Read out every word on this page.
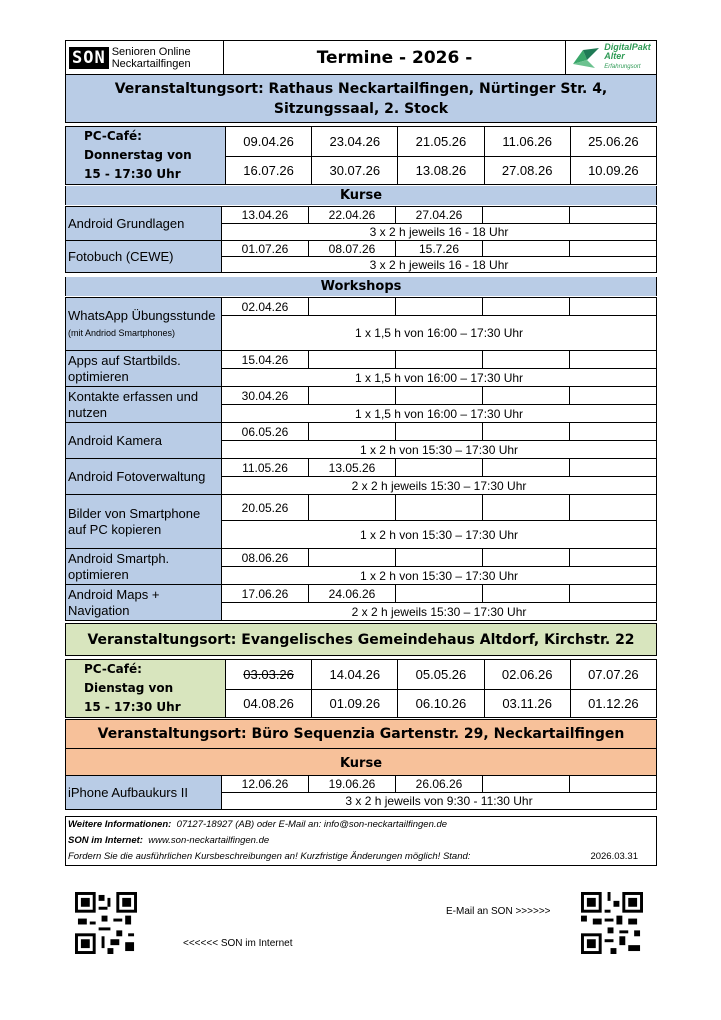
SON Senioren Online
Neckartailfingen	Termine - 2026 -
DigitalPakt
Alter
Erfahrungsort
Veranstaltungsort: Rathaus Neckartailfingen, Nürtinger Str. 4,
Sitzungssaal, 2. Stock
PC-Café:
Donnerstag von
15 - 17:30 Uhr	09.04.26	23.04.26	21.05.26	11.06.26	25.06.26
	16.07.26	30.07.26	13.08.26	27.08.26	10.09.26
Kurse
Android Grundlagen	13.04.26	22.04.26	27.04.26		
	3 x 2 h jeweils 16 - 18 Uhr				
Fotobuch (CEWE)	01.07.26	08.07.26	15.7.26		
	3 x 2 h jeweils 16 - 18 Uhr				
Workshops
WhatsApp Übungsstunde
(mit Andriod Smartphones)	02.04.26				
	1 x 1,5 h von 16:00 – 17:30 Uhr				
Apps auf Startbilds. optimieren	15.04.26				
	1 x 1,5 h von 16:00 – 17:30 Uhr				
Kontakte erfassen und nutzen	30.04.26				
	1 x 1,5 h von 16:00 – 17:30 Uhr				
Android Kamera	06.05.26				
	1 x 2 h von 15:30 – 17:30 Uhr				
Android Fotoverwaltung	11.05.26	13.05.26			
	2 x 2 h jeweils 15:30 – 17:30 Uhr				
Bilder von Smartphone auf PC kopieren	20.05.26				
	1 x 2 h von 15:30 – 17:30 Uhr				
Android Smartph. optimieren	08.06.26				
	1 x 2 h von 15:30 – 17:30 Uhr				
Android Maps + Navigation	17.06.26	24.06.26			
	2 x 2 h jeweils 15:30 – 17:30 Uhr				
Veranstaltungsort: Evangelisches Gemeindehaus Altdorf, Kirchstr. 22
PC-Café:
Dienstag von
15 - 17:30 Uhr	03.03.26	14.04.26	05.05.26	02.06.26	07.07.26
	04.08.26	01.09.26	06.10.26	03.11.26	01.12.26
Veranstaltungsort: Büro Sequenzia Gartenstr. 29, Neckartailfingen
Kurse
iPhone Aufbaukurs II	12.06.26	19.06.26	26.06.26		
3 x 2 h jeweils von 9:30 - 11:30 Uhr
Weitere Informationen: 07127-18927 (AB) oder E-Mail an: info@son-neckartailfingen.de
SON im Internet: www.son-neckartailfingen.de
Fordern Sie die ausführlichen Kursbeschreibungen an! Kurzfristige Änderungen möglich! Stand:	2026.03.31
<<<<<< SON im Internet
E-Mail an SON >>>>>>
